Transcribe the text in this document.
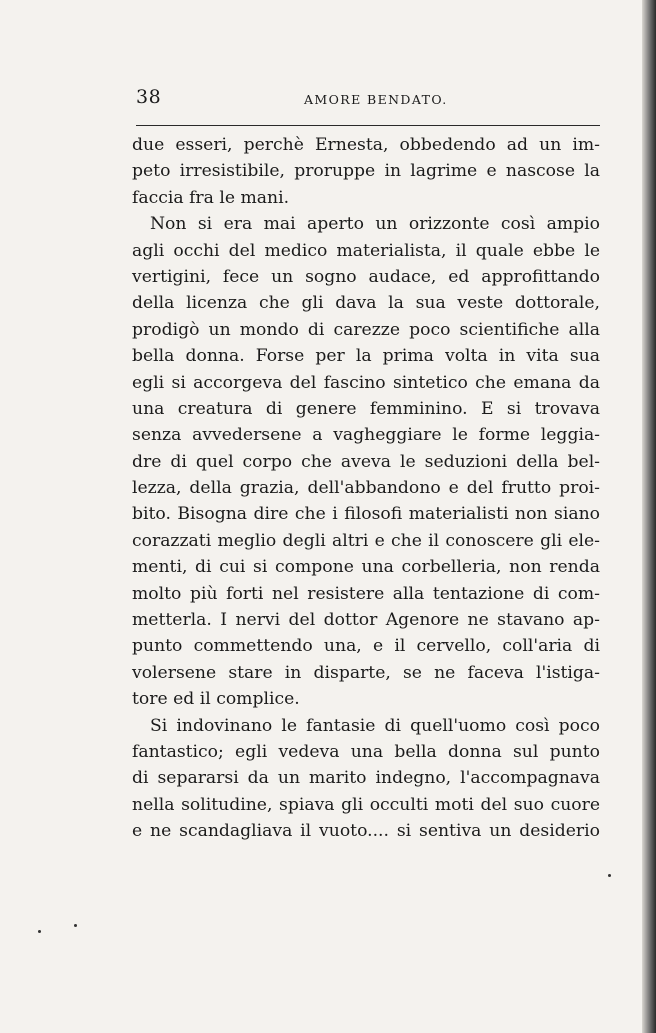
38	AMORE BENDATO.
due esseri, perchè Ernesta, obbedendo ad un im-
peto irresistibile, proruppe in lagrime e nascose la
faccia fra le mani.
Non si era mai aperto un orizzonte così ampio
agli occhi del medico materialista, il quale ebbe le
vertigini, fece un sogno audace, ed approfittando
della licenza che gli dava la sua veste dottorale,
prodigò un mondo di carezze poco scientifiche alla
bella donna. Forse per la prima volta in vita sua
egli si accorgeva del fascino sintetico che emana da
una creatura di genere femminino. E si trovava
senza avvedersene a vagheggiare le forme leggia-
dre di quel corpo che aveva le seduzioni della bel-
lezza, della grazia, dell'abbandono e del frutto proi-
bito. Bisogna dire che i filosofi materialisti non siano
corazzati meglio degli altri e che il conoscere gli ele-
menti, di cui si compone una corbelleria, non renda
molto più forti nel resistere alla tentazione di com-
metterla. I nervi del dottor Agenore ne stavano ap-
punto commettendo una, e il cervello, coll'aria di
volersene stare in disparte, se ne faceva l'istiga-
tore ed il complice.
Si indovinano le fantasie di quell'uomo così poco
fantastico; egli vedeva una bella donna sul punto
di separarsi da un marito indegno, l'accompagnava
nella solitudine, spiava gli occulti moti del suo cuore
e ne scandagliava il vuoto.... si sentiva un desiderio
